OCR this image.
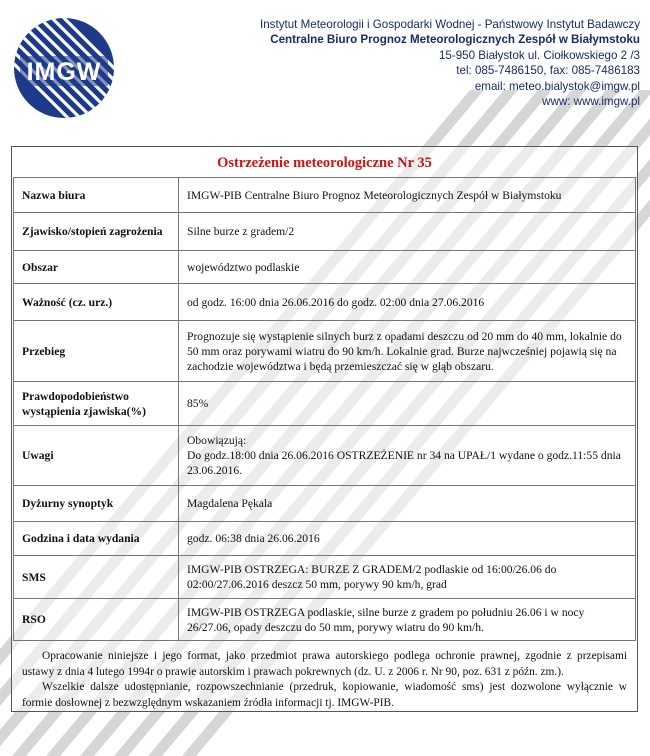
IMGW
Instytut Meteorologii i Gospodarki Wodnej - Państwowy Instytut Badawczy
Centralne Biuro Prognoz Meteorologicznych Zespół w Białymstoku
15-950 Białystok ul. Ciołkowskiego 2 /3
tel: 085-7486150, fax: 085-7486183
email: meteo.bialystok@imgw.pl
www: www.imgw.pl
Ostrzeżenie meteorologiczne Nr 35
Nazwa biura	IMGW-PIB Centralne Biuro Prognoz Meteorologicznych Zespół w Białymstoku
Zjawisko/stopień zagrożenia	Silne burze z gradem/2
Obszar	województwo podlaskie
Ważność (cz. urz.)	od godz. 16:00 dnia 26.06.2016 do godz. 02:00 dnia 27.06.2016
Przebieg	Prognozuje się wystąpienie silnych burz z opadami deszczu od 20 mm do 40 mm, lokalnie do 50 mm oraz porywami wiatru do 90 km/h. Lokalnie grad. Burze najwcześniej pojawią się na zachodzie województwa i będą przemieszczać się w głąb obszaru.
Prawdopodobieństwo wystąpienia zjawiska(%)	85%
Uwagi	Obowiązują:
Do godz.18:00 dnia 26.06.2016 OSTRZEŻENIE nr 34 na UPAŁ/1 wydane o godz.11:55 dnia 23.06.2016.
Dyżurny synoptyk	Magdalena Pękala
Godzina i data wydania	godz. 06:38 dnia 26.06.2016
SMS	IMGW-PIB OSTRZEGA: BURZE Z GRADEM/2 podlaskie od 16:00/26.06 do 02:00/27.06.2016 deszcz 50 mm, porywy 90 km/h, grad
RSO	IMGW-PIB OSTRZEGA podlaskie, silne burze z gradem po południu 26.06 i w nocy 26/27.06, opady deszczu do 50 mm, porywy wiatru do 90 km/h.

Opracowanie niniejsze i jego format, jako przedmiot prawa autorskiego podlega ochronie prawnej, zgodnie z przepisami ustawy z dnia 4 lutego 1994r o prawie autorskim i prawach pokrewnych (dz. U. z 2006 r. Nr 90, poz. 631 z późn. zm.).

Wszelkie dalsze udostępnianie, rozpowszechnianie (przedruk, kopiowanie, wiadomość sms) jest dozwolone wyłącznie w formie dosłownej z bezwzględnym wskazaniem źródła informacji tj. IMGW-PIB.
